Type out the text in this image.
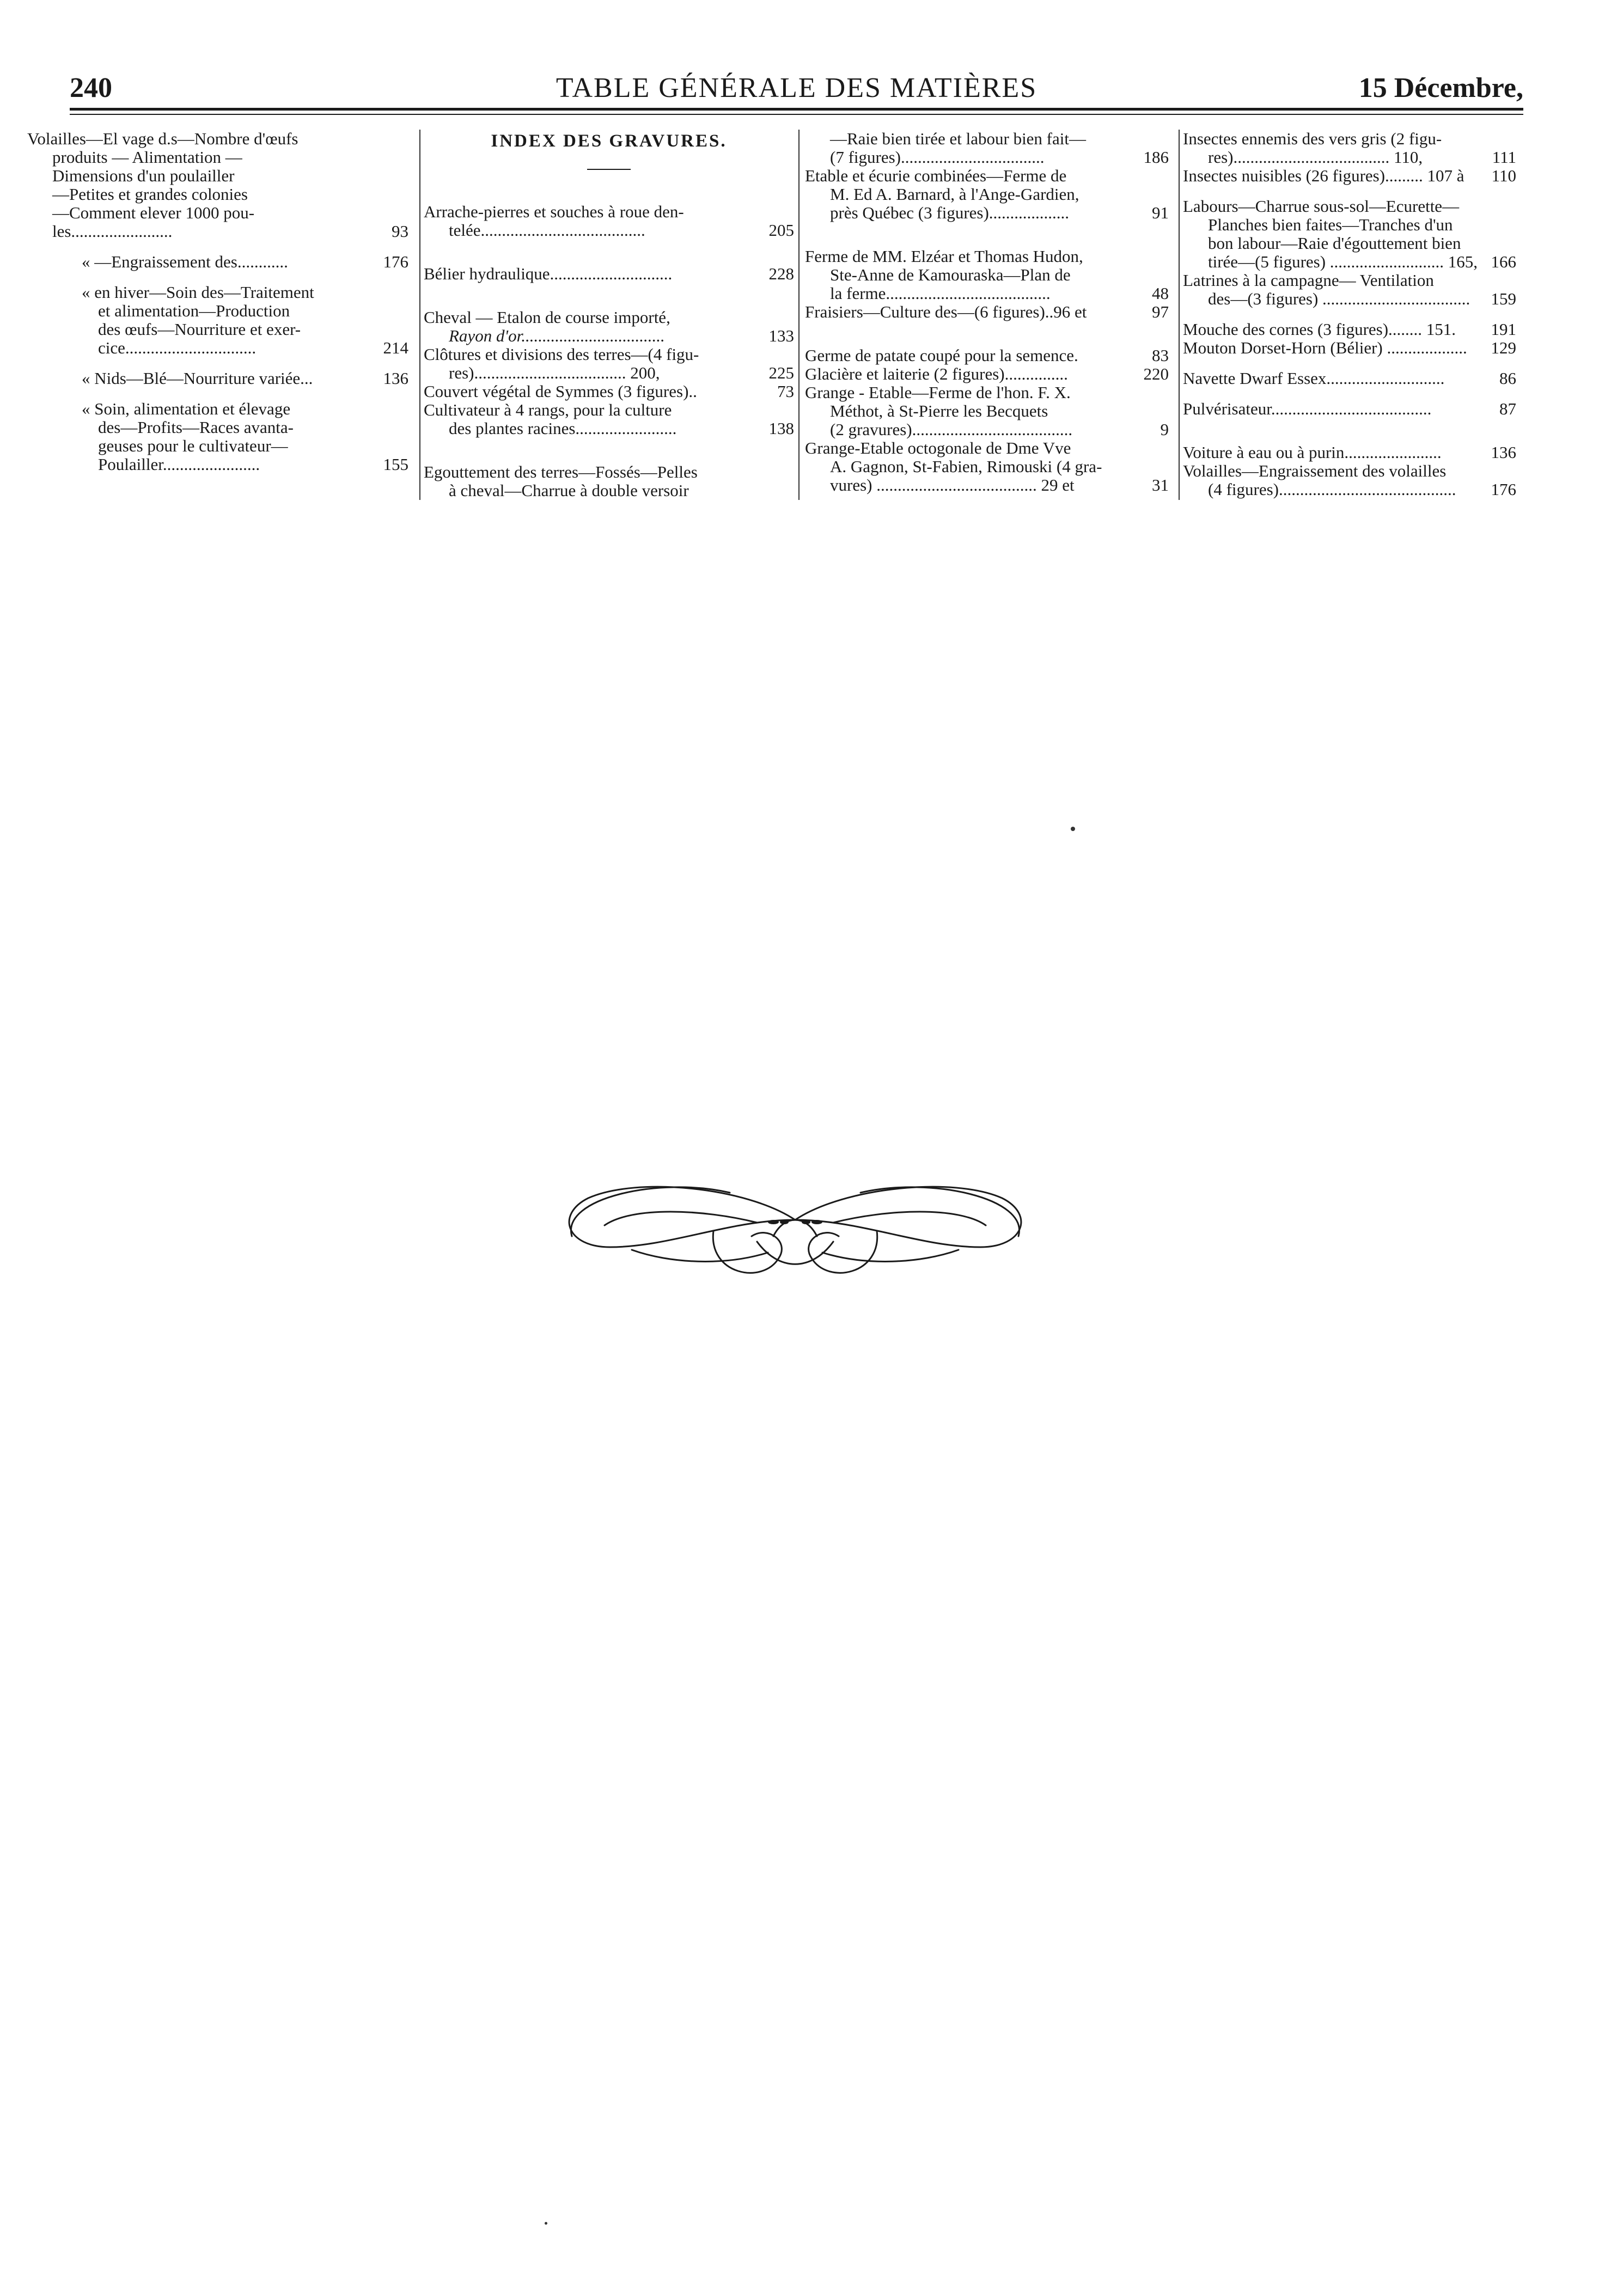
240	TABLE GÉNÉRALE DES MATIÈRES	15 Décembre,
Volailles—El vage d.s—Nombre d'œufs
produits — Alimentation —
Dimensions d'un poulailler
—Petites et grandes colonies
—Comment elever 1000 pou-
les........................	93
« —Engraissement des............	176
« en hiver—Soin des—Traitement
et alimentation—Production
des œufs—Nourriture et exer-
cice...............................	214
« Nids—Blé—Nourriture variée...	136
« Soin, alimentation et élevage
des—Profits—Races avanta-
geuses pour le cultivateur—
Poulailler.......................	155
INDEX DES GRAVURES.
Arrache-pierres et souches à roue den-
telée.......................................	205
Bélier hydraulique.............................	228
Cheval — Etalon de course importé,
Rayon d'or..................................	133
Clôtures et divisions des terres—(4 figu-
res).................................... 200,	225
Couvert végétal de Symmes (3 figures)..	73
Cultivateur à 4 rangs, pour la culture
des plantes racines........................	138
Egouttement des terres—Fossés—Pelles
à cheval—Charrue à double versoir
—Raie bien tirée et labour bien fait—
(7 figures)..................................	186
Etable et écurie combinées—Ferme de
M. Ed A. Barnard, à l'Ange-Gardien,
près Québec (3 figures)...................	91
Ferme de MM. Elzéar et Thomas Hudon,
Ste-Anne de Kamouraska—Plan de
la ferme.......................................	48
Fraisiers—Culture des—(6 figures)..96 et	97
Germe de patate coupé pour la semence.	83
Glacière et laiterie (2 figures)...............	220
Grange - Etable—Ferme de l'hon. F. X.
Méthot, à St-Pierre les Becquets
(2 gravures)......................................	9
Grange-Etable octogonale de Dme Vve
A. Gagnon, St-Fabien, Rimouski (4 gra-
vures) ...................................... 29 et	31
Insectes ennemis des vers gris (2 figu-
res)..................................... 110,	111
Insectes nuisibles (26 figures)......... 107 à 110
Labours—Charrue sous-sol—Ecurette—
Planches bien faites—Tranches d'un
bon labour—Raie d'égouttement bien
tirée—(5 figures) ........................... 165, 166
Latrines à la campagne— Ventilation
des—(3 figures) ................................... 159
Mouche des cornes (3 figures)........ 151. 191
Mouton Dorset-Horn (Bélier) ................... 129
Navette Dwarf Essex............................	86
Pulvérisateur......................................	87
Voiture à eau ou à purin.......................	136
Volailles—Engraissement des volailles
(4 figures).......................................... 176
